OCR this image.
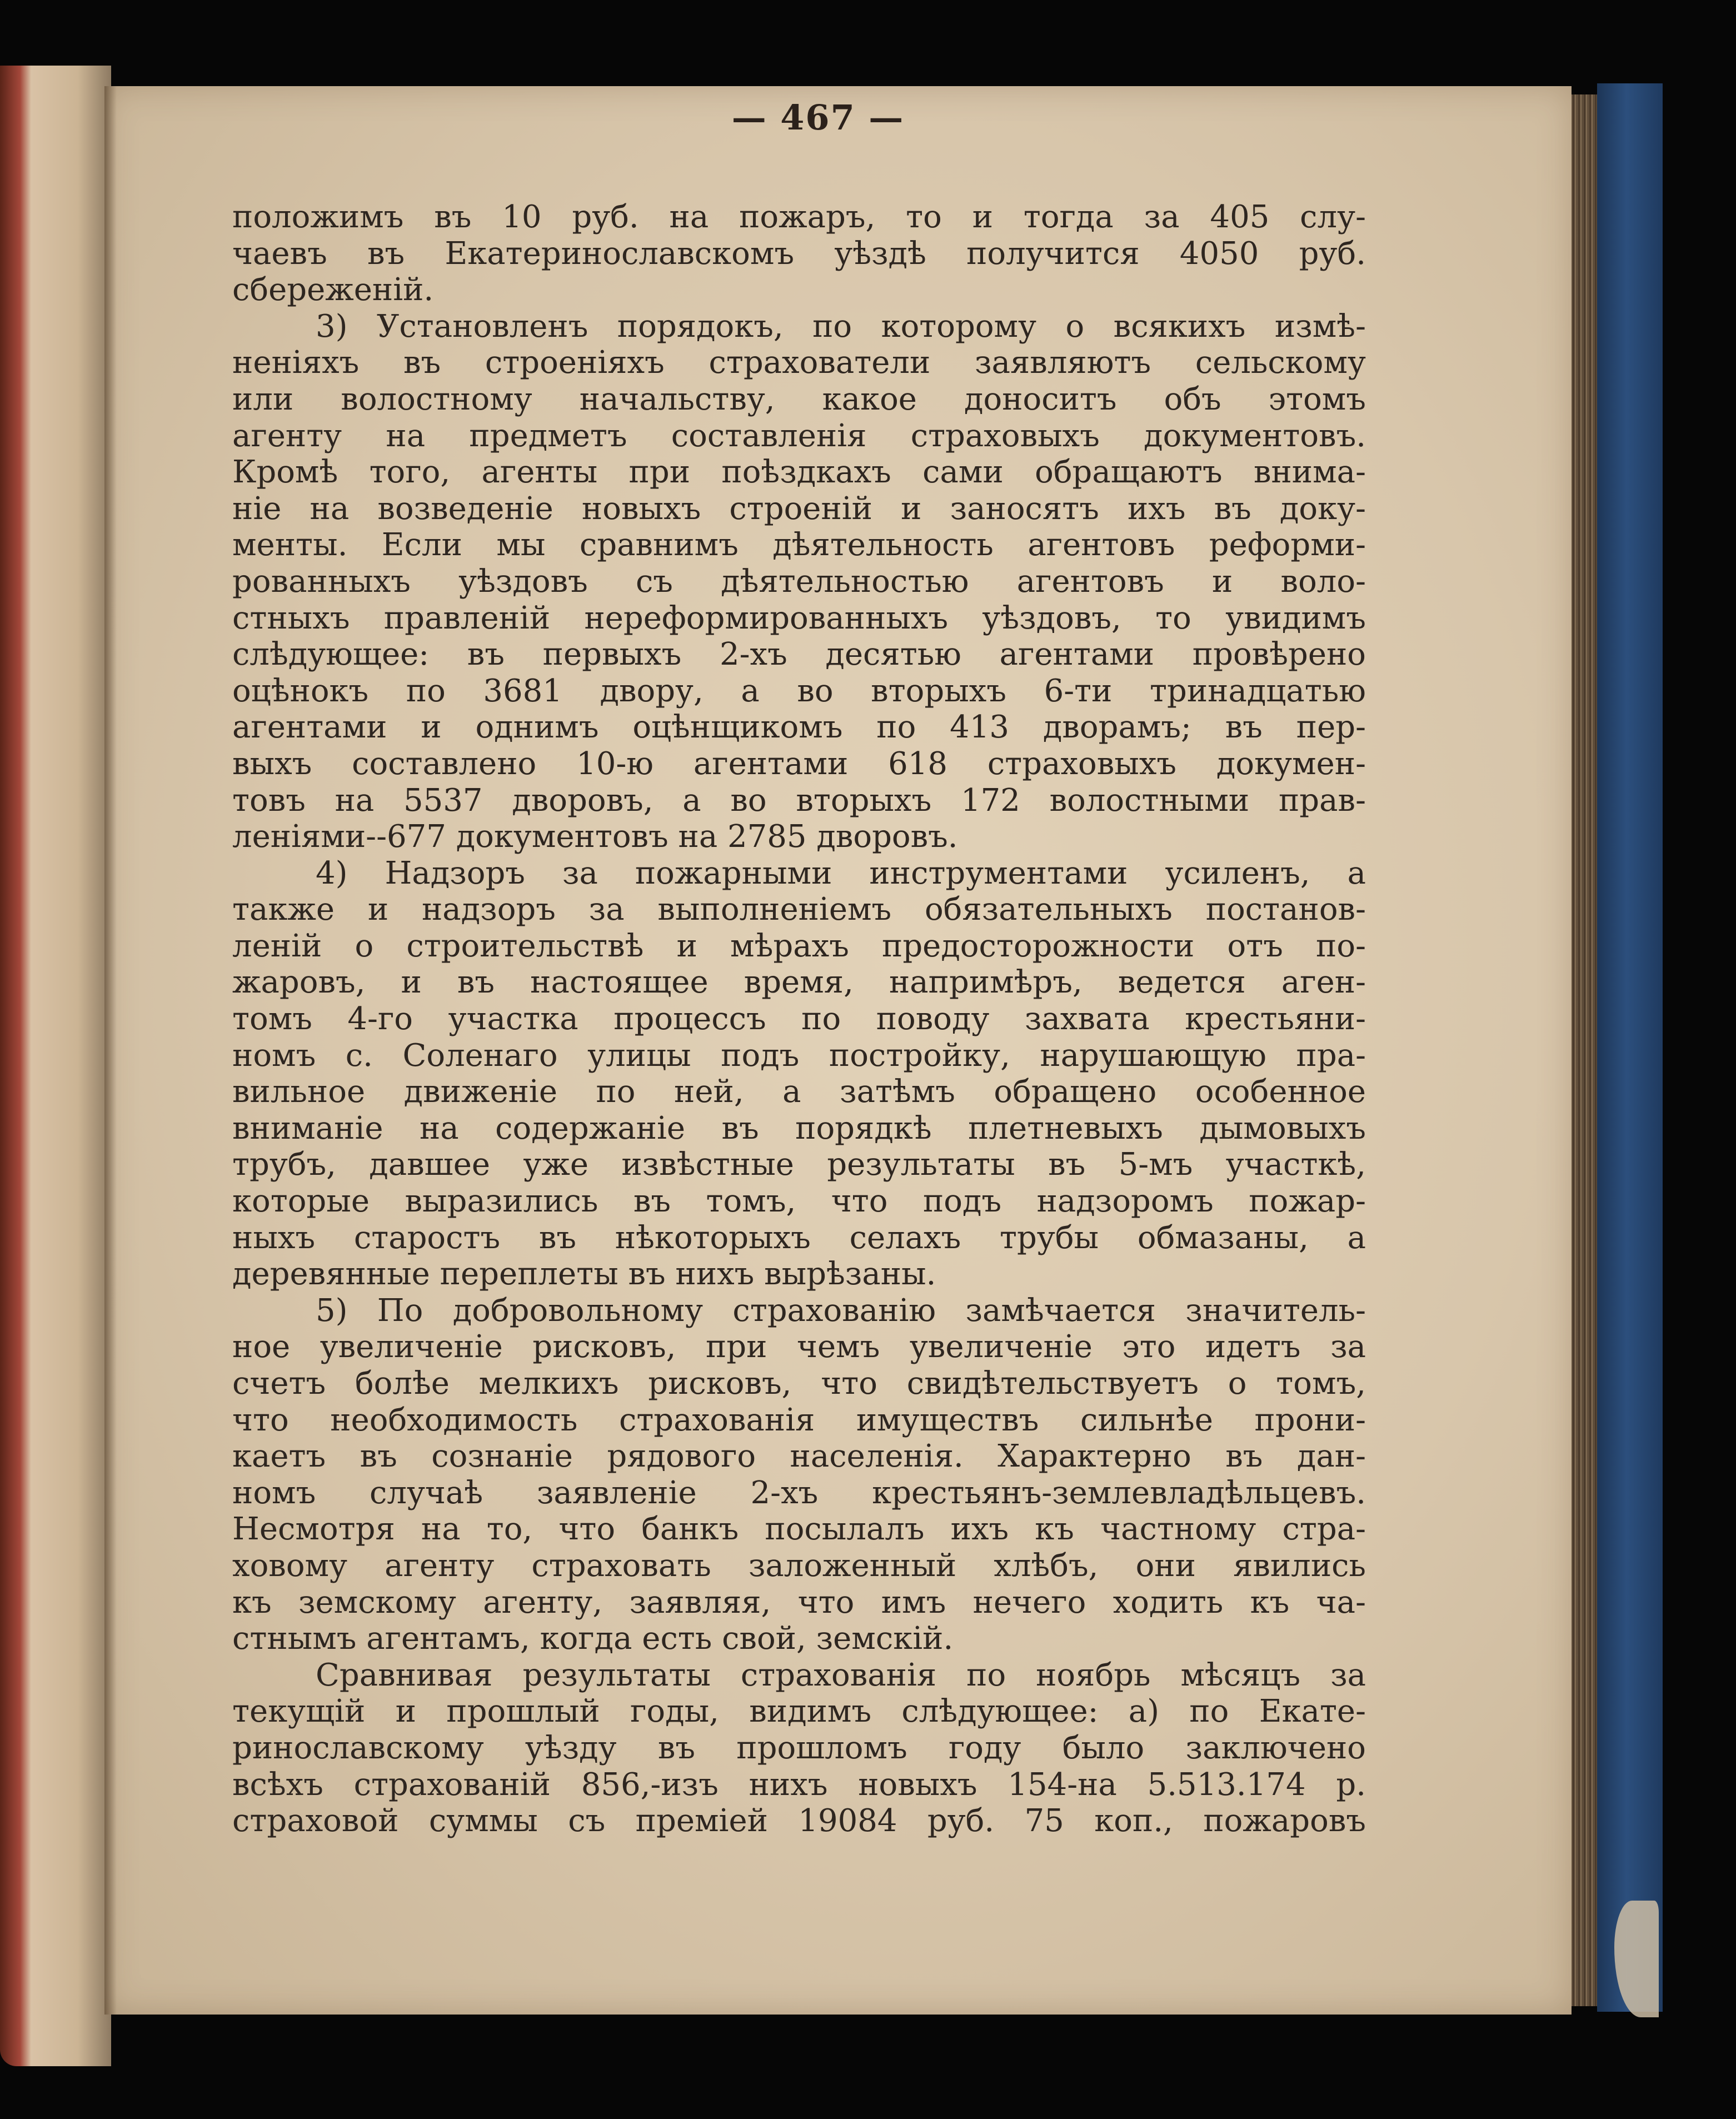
— 467 —
положимъ въ 10 руб. на пожаръ, то и тогда за 405 слу-
чаевъ въ Екатеринославскомъ уѣздѣ получится 4050 руб.
сбереженій.
3) Установленъ порядокъ, по которому о всякихъ измѣ-
неніяхъ въ строеніяхъ страхователи заявляютъ сельскому
или волостному начальству, какое доноситъ объ этомъ
агенту на предметъ составленія страховыхъ документовъ.
Кромѣ того, агенты при поѣздкахъ сами обращаютъ внима-
ніе на возведеніе новыхъ строеній и заносятъ ихъ въ доку-
менты. Если мы сравнимъ дѣятельность агентовъ реформи-
рованныхъ уѣздовъ съ дѣятельностью агентовъ и воло-
стныхъ правленій нереформированныхъ уѣздовъ, то увидимъ
слѣдующее: въ первыхъ 2-хъ десятью агентами провѣрено
оцѣнокъ по 3681 двору, а во вторыхъ 6-ти тринадцатью
агентами и однимъ оцѣнщикомъ по 413 дворамъ; въ пер-
выхъ составлено 10-ю агентами 618 страховыхъ докумен-
товъ на 5537 дворовъ, а во вторыхъ 172 волостными прав-
леніями--677 документовъ на 2785 дворовъ.
4) Надзоръ за пожарными инструментами усиленъ, а
также и надзоръ за выполненіемъ обязательныхъ постанов-
леній о строительствѣ и мѣрахъ предосторожности отъ по-
жаровъ, и въ настоящее время, напримѣръ, ведется аген-
томъ 4-го участка процессъ по поводу захвата крестьяни-
номъ с. Соленаго улицы подъ постройку, нарушающую пра-
вильное движеніе по ней, а затѣмъ обращено особенное
вниманіе на содержаніе въ порядкѣ плетневыхъ дымовыхъ
трубъ, давшее уже извѣстные результаты въ 5-мъ участкѣ,
которые выразились въ томъ, что подъ надзоромъ пожар-
ныхъ старостъ въ нѣкоторыхъ селахъ трубы обмазаны, а
деревянные переплеты въ нихъ вырѣзаны.
5) По добровольному страхованію замѣчается значитель-
ное увеличеніе рисковъ, при чемъ увеличеніе это идетъ за
счетъ болѣе мелкихъ рисковъ, что свидѣтельствуетъ о томъ,
что необходимость страхованія имуществъ сильнѣе прони-
каетъ въ сознаніе рядового населенія. Характерно въ дан-
номъ случаѣ заявленіе 2-хъ крестьянъ-землевладѣльцевъ.
Несмотря на то, что банкъ посылалъ ихъ къ частному стра-
ховому агенту страховать заложенный хлѣбъ, они явились
къ земскому агенту, заявляя, что имъ нечего ходить къ ча-
стнымъ агентамъ, когда есть свой, земскій.
Сравнивая результаты страхованія по ноябрь мѣсяцъ за
текущій и прошлый годы, видимъ слѣдующее: а) по Екате-
ринославскому уѣзду въ прошломъ году было заключено
всѣхъ страхованій 856,-изъ нихъ новыхъ 154-на 5.513.174 р.
страховой суммы съ преміей 19084 руб. 75 коп., пожаровъ
